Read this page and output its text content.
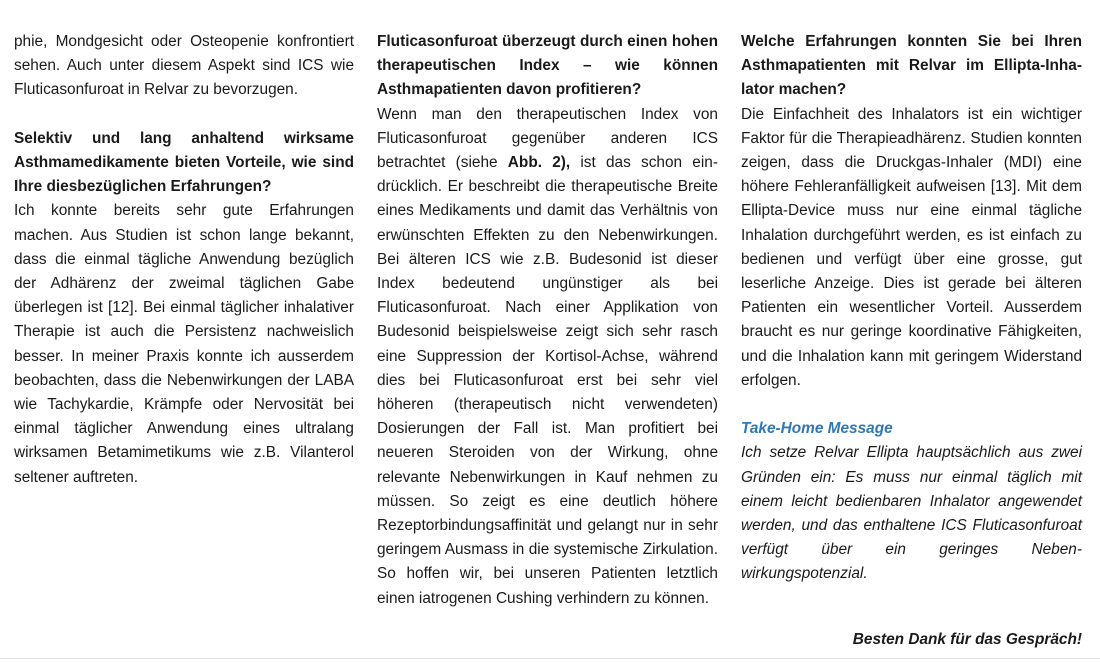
phie, Mondgesicht oder Osteopenie konfrontiert sehen. Auch unter diesem Aspekt sind ICS wie Fluticasonfuroat in Relvar zu bevorzugen.

Selektiv und lang anhaltend wirksame Asthmamedikamente bieten Vorteile, wie sind Ihre diesbezüglichen Erfahrungen?

Ich konnte bereits sehr gute Erfahrungen machen. Aus Studien ist schon lange bekannt, dass die einmal tägliche Anwendung bezüglich der Adhärenz der zweimal täglichen Gabe überlegen ist [12]. Bei einmal täglicher inhalativer Therapie ist auch die Persistenz nachweislich besser. In meiner Praxis konnte ich ausserdem beobachten, dass die Nebenwirkungen der LABA wie Tachykardie, Krämpfe oder Nervosität bei einmal täglicher Anwendung eines ultralang wirksamen Betamimetikums wie z.B. Vilanterol seltener auftreten.

Fluticasonfuroat überzeugt durch einen hohen therapeutischen Index – wie können Asthmapatienten davon profitieren?

Wenn man den therapeutischen Index von Fluticasonfuroat gegenüber anderen ICS betrachtet (siehe Abb. 2), ist das schon eindrücklich. Er beschreibt die therapeutische Breite eines Medikaments und damit das Verhältnis von erwünschten Effekten zu den Nebenwirkungen. Bei älteren ICS wie z.B. Budesonid ist dieser Index bedeutend ungünstiger als bei Fluticasonfuroat. Nach einer Applikation von Budesonid beispielsweise zeigt sich sehr rasch eine Suppression der Kortisol-Achse, während dies bei Fluticasonfuroat erst bei sehr viel höheren (therapeutisch nicht verwendeten) Dosierungen der Fall ist. Man profitiert bei neueren Steroiden von der Wirkung, ohne relevante Nebenwirkungen in Kauf nehmen zu müssen. So zeigt es eine deutlich höhere Rezeptorbindungsaffinität und gelangt nur in sehr geringem Ausmass in die systemische Zirkulation. So hoffen wir, bei unseren Patienten letztlich einen iatrogenen Cushing verhindern zu können.

Welche Erfahrungen konnten Sie bei Ihren Asthmapatienten mit Relvar im Ellipta-Inhalator machen?

Die Einfachheit des Inhalators ist ein wichtiger Faktor für die Therapieadhärenz. Studien konnten zeigen, dass die Druckgas-Inhaler (MDI) eine höhere Fehleranfälligkeit aufweisen [13]. Mit dem Ellipta-Device muss nur eine einmal tägliche Inhalation durchgeführt werden, es ist einfach zu bedienen und verfügt über eine grosse, gut leserliche Anzeige. Dies ist gerade bei älteren Patienten ein wesentlicher Vorteil. Ausserdem braucht es nur geringe koordinative Fähigkeiten, und die Inhalation kann mit geringem Widerstand erfolgen.

Take-Home Message

Ich setze Relvar Ellipta hauptsächlich aus zwei Gründen ein: Es muss nur einmal täglich mit einem leicht bedienbaren Inhalator angewendet werden, und das enthaltene ICS Fluticasonfuroat verfügt über ein geringes Nebenwirkungspotenzial.

Besten Dank für das Gespräch!
